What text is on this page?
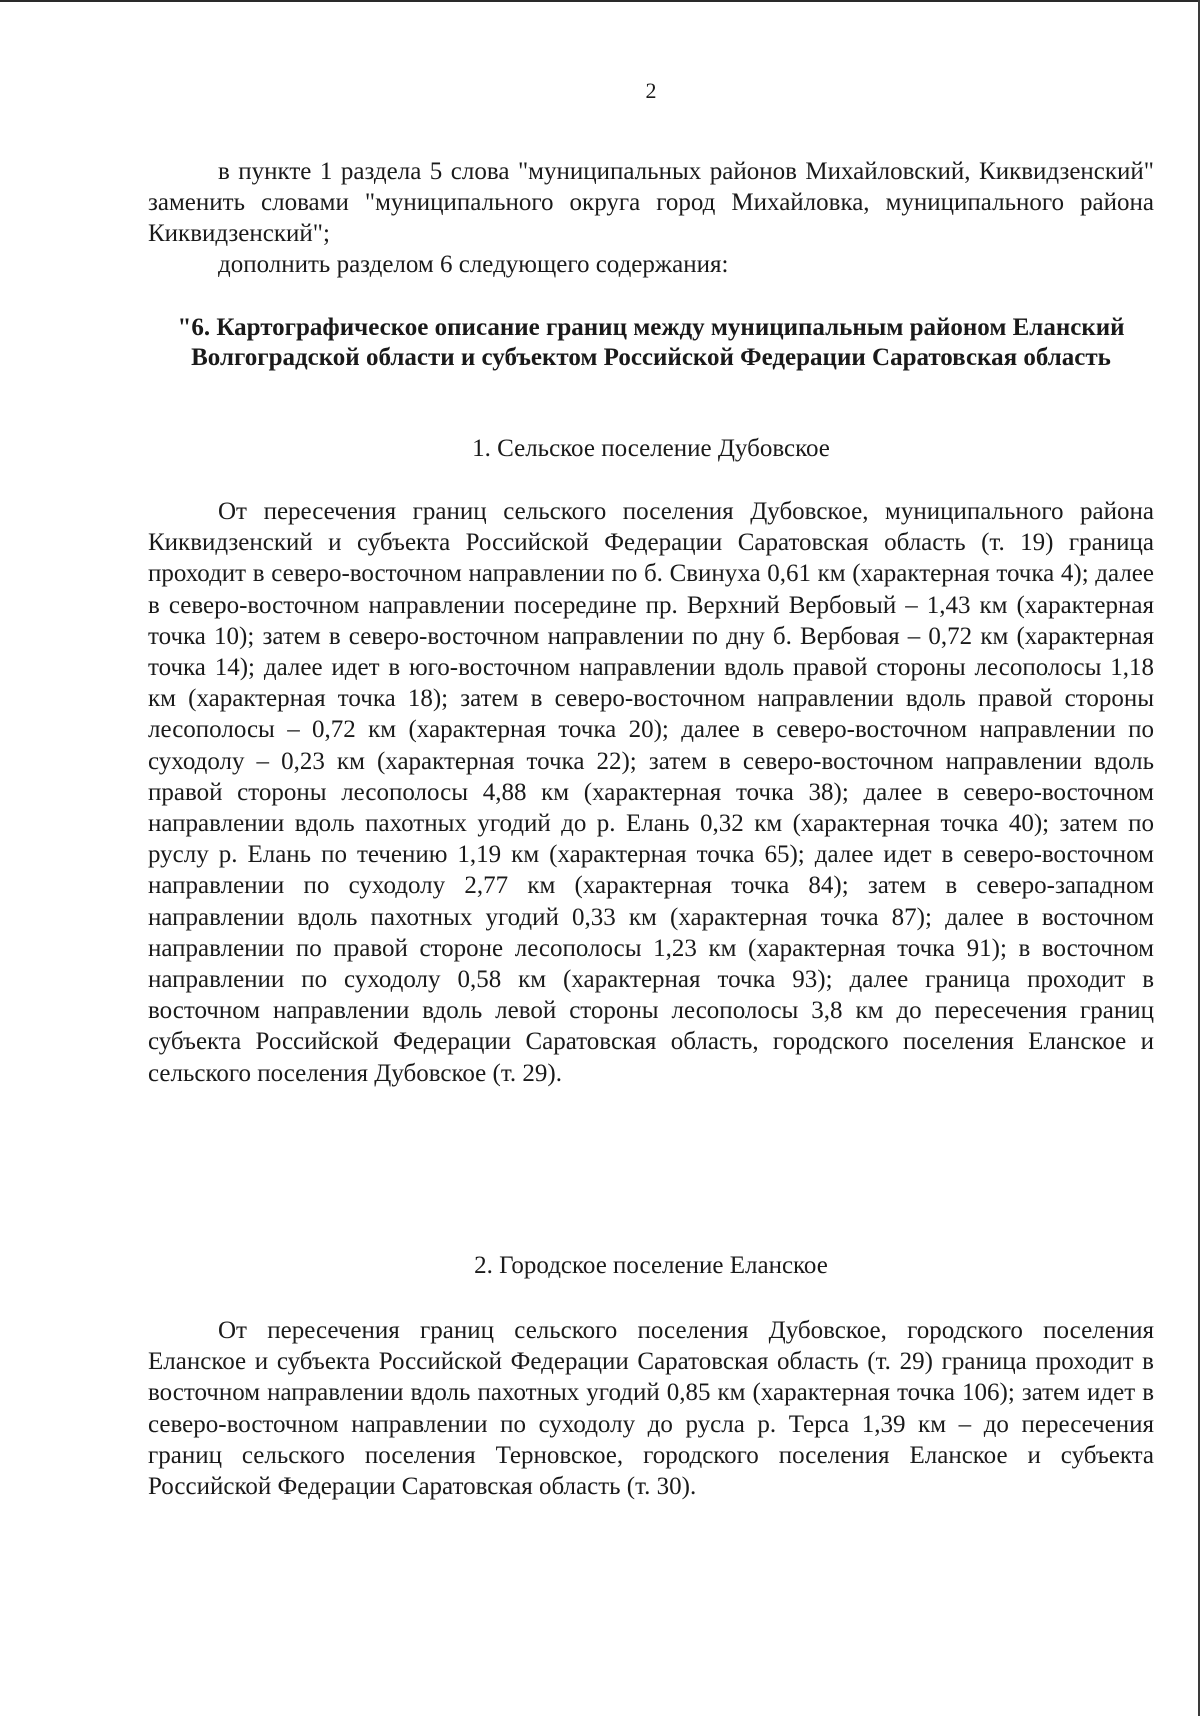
2

в пункте 1 раздела 5 слова "муниципальных районов Михайловский, Киквидзенский" заменить словами "муниципального округа город Михайловка, муниципального района Киквидзенский";

дополнить разделом 6 следующего содержания:

"6. Картографическое описание границ между муниципальным районом Еланский Волгоградской области и субъектом Российской Федерации Саратовская область

1. Сельское поселение Дубовское

От пересечения границ сельского поселения Дубовское, муниципального района Киквидзенский и субъекта Российской Федерации Саратовская область (т. 19) граница проходит в северо-восточном направлении по б. Свинуха 0,61 км (характерная точка 4); далее в северо-восточном направлении посередине пр. Верхний Вербовый – 1,43 км (характерная точка 10); затем в северо-восточном направлении по дну б. Вербовая – 0,72 км (характерная точка 14); далее идет в юго-восточном направлении вдоль правой стороны лесополосы 1,18 км (характерная точка 18); затем в северо-восточном направлении вдоль правой стороны лесополосы – 0,72 км (характерная точка 20); далее в северо-восточном направлении по суходолу – 0,23 км (характерная точка 22); затем в северо-восточном направлении вдоль правой стороны лесополосы 4,88 км (характерная точка 38); далее в северо-восточном направлении вдоль пахотных угодий до р. Елань 0,32 км (характерная точка 40); затем по руслу р. Елань по течению 1,19 км (характерная точка 65); далее идет в северо-восточном направлении по суходолу 2,77 км (характерная точка 84); затем в северо-западном направлении вдоль пахотных угодий 0,33 км (характерная точка 87); далее в восточном направлении по правой стороне лесополосы 1,23 км (характерная точка 91); в восточном направлении по суходолу 0,58 км (характерная точка 93); далее граница проходит в восточном направлении вдоль левой стороны лесополосы 3,8 км до пересечения границ субъекта Российской Федерации Саратовская область, городского поселения Еланское и сельского поселения Дубовское (т. 29).

2. Городское поселение Еланское

От пересечения границ сельского поселения Дубовское, городского поселения Еланское и субъекта Российской Федерации Саратовская область (т. 29) граница проходит в восточном направлении вдоль пахотных угодий 0,85 км (характерная точка 106); затем идет в северо-восточном направлении по суходолу до русла р. Терса 1,39 км – до пересечения границ сельского поселения Терновское, городского поселения Еланское и субъекта Российской Федерации Саратовская область (т. 30).
